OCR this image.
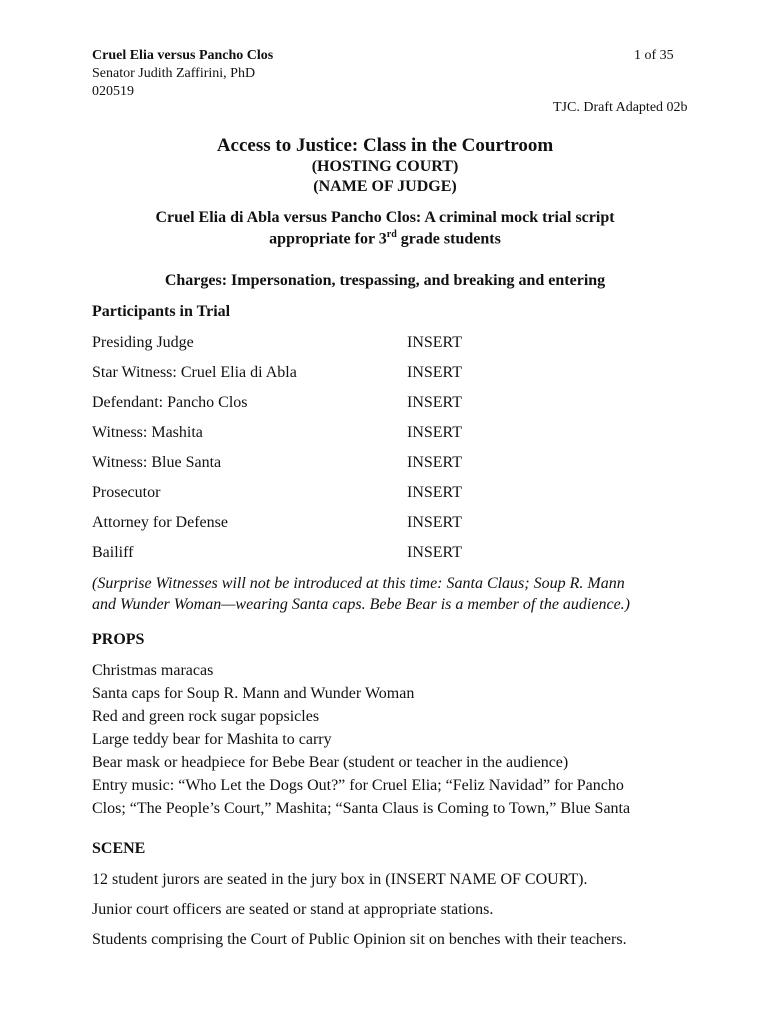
Cruel Elia versus Pancho Clos	1 of 35
Senator Judith Zaffirini, PhD
020519
TJC. Draft Adapted 02b
Access to Justice: Class in the Courtroom
(HOSTING COURT)
(NAME OF JUDGE)
Cruel Elia di Abla versus Pancho Clos: A criminal mock trial script
appropriate for 3rd grade students
Charges: Impersonation, trespassing, and breaking and entering
Participants in Trial
Presiding Judge	INSERT
Star Witness: Cruel Elia di Abla	INSERT
Defendant: Pancho Clos	INSERT
Witness: Mashita	INSERT
Witness: Blue Santa	INSERT
Prosecutor	INSERT
Attorney for Defense	INSERT
Bailiff	INSERT
(Surprise Witnesses will not be introduced at this time: Santa Claus; Soup R. Mann
and Wunder Woman—wearing Santa caps. Bebe Bear is a member of the audience.)
PROPS
Christmas maracas
Santa caps for Soup R. Mann and Wunder Woman
Red and green rock sugar popsicles
Large teddy bear for Mashita to carry
Bear mask or headpiece for Bebe Bear (student or teacher in the audience)
Entry music: “Who Let the Dogs Out?” for Cruel Elia; “Feliz Navidad” for Pancho
Clos; “The People’s Court,” Mashita; “Santa Claus is Coming to Town,” Blue Santa
SCENE
12 student jurors are seated in the jury box in (INSERT NAME OF COURT).
Junior court officers are seated or stand at appropriate stations.
Students comprising the Court of Public Opinion sit on benches with their teachers.
